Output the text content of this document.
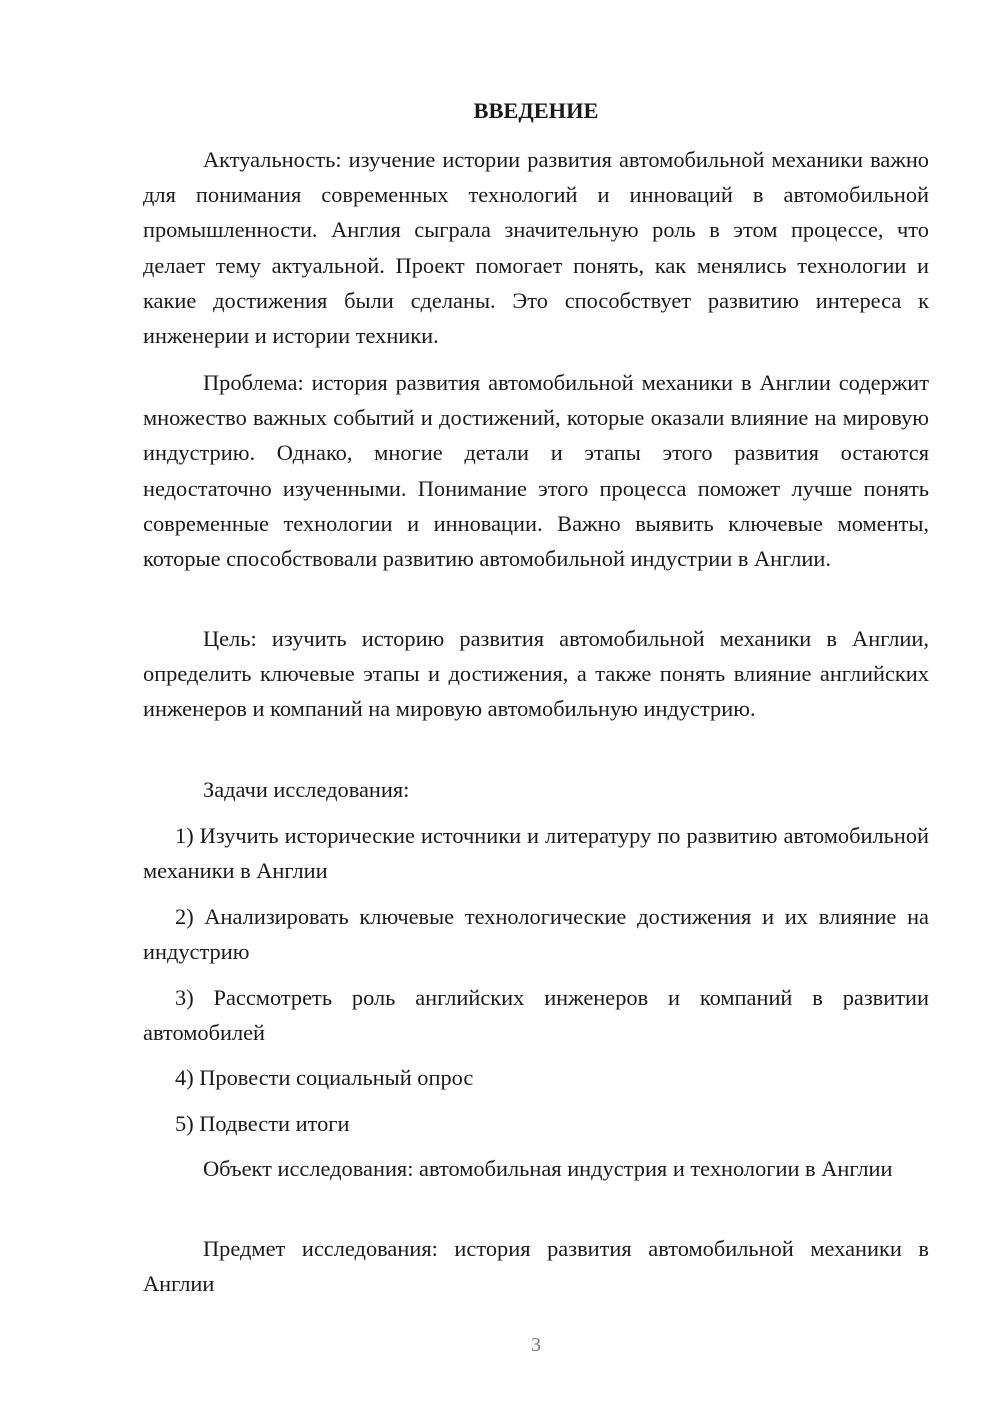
ВВЕДЕНИЕ

Актуальность: изучение истории развития автомобильной механики важно для понимания современных технологий и инноваций в автомобильной промышленности. Англия сыграла значительную роль в этом процессе, что делает тему актуальной. Проект помогает понять, как менялись технологии и какие достижения были сделаны. Это способствует развитию интереса к инженерии и истории техники.

Проблема: история развития автомобильной механики в Англии содержит множество важных событий и достижений, которые оказали влияние на мировую индустрию. Однако, многие детали и этапы этого развития остаются недостаточно изученными. Понимание этого процесса поможет лучше понять современные технологии и инновации. Важно выявить ключевые моменты, которые способствовали развитию автомобильной индустрии в Англии.

Цель: изучить историю развития автомобильной механики в Англии, определить ключевые этапы и достижения, а также понять влияние английских инженеров и компаний на мировую автомобильную индустрию.

Задачи исследования:

1) Изучить исторические источники и литературу по развитию автомобильной механики в Англии

2) Анализировать ключевые технологические достижения и их влияние на индустрию

3) Рассмотреть роль английских инженеров и компаний в развитии автомобилей

4) Провести социальный опрос

5) Подвести итоги

Объект исследования: автомобильная индустрия и технологии в Англии

Предмет исследования: история развития автомобильной механики в Англии

3
